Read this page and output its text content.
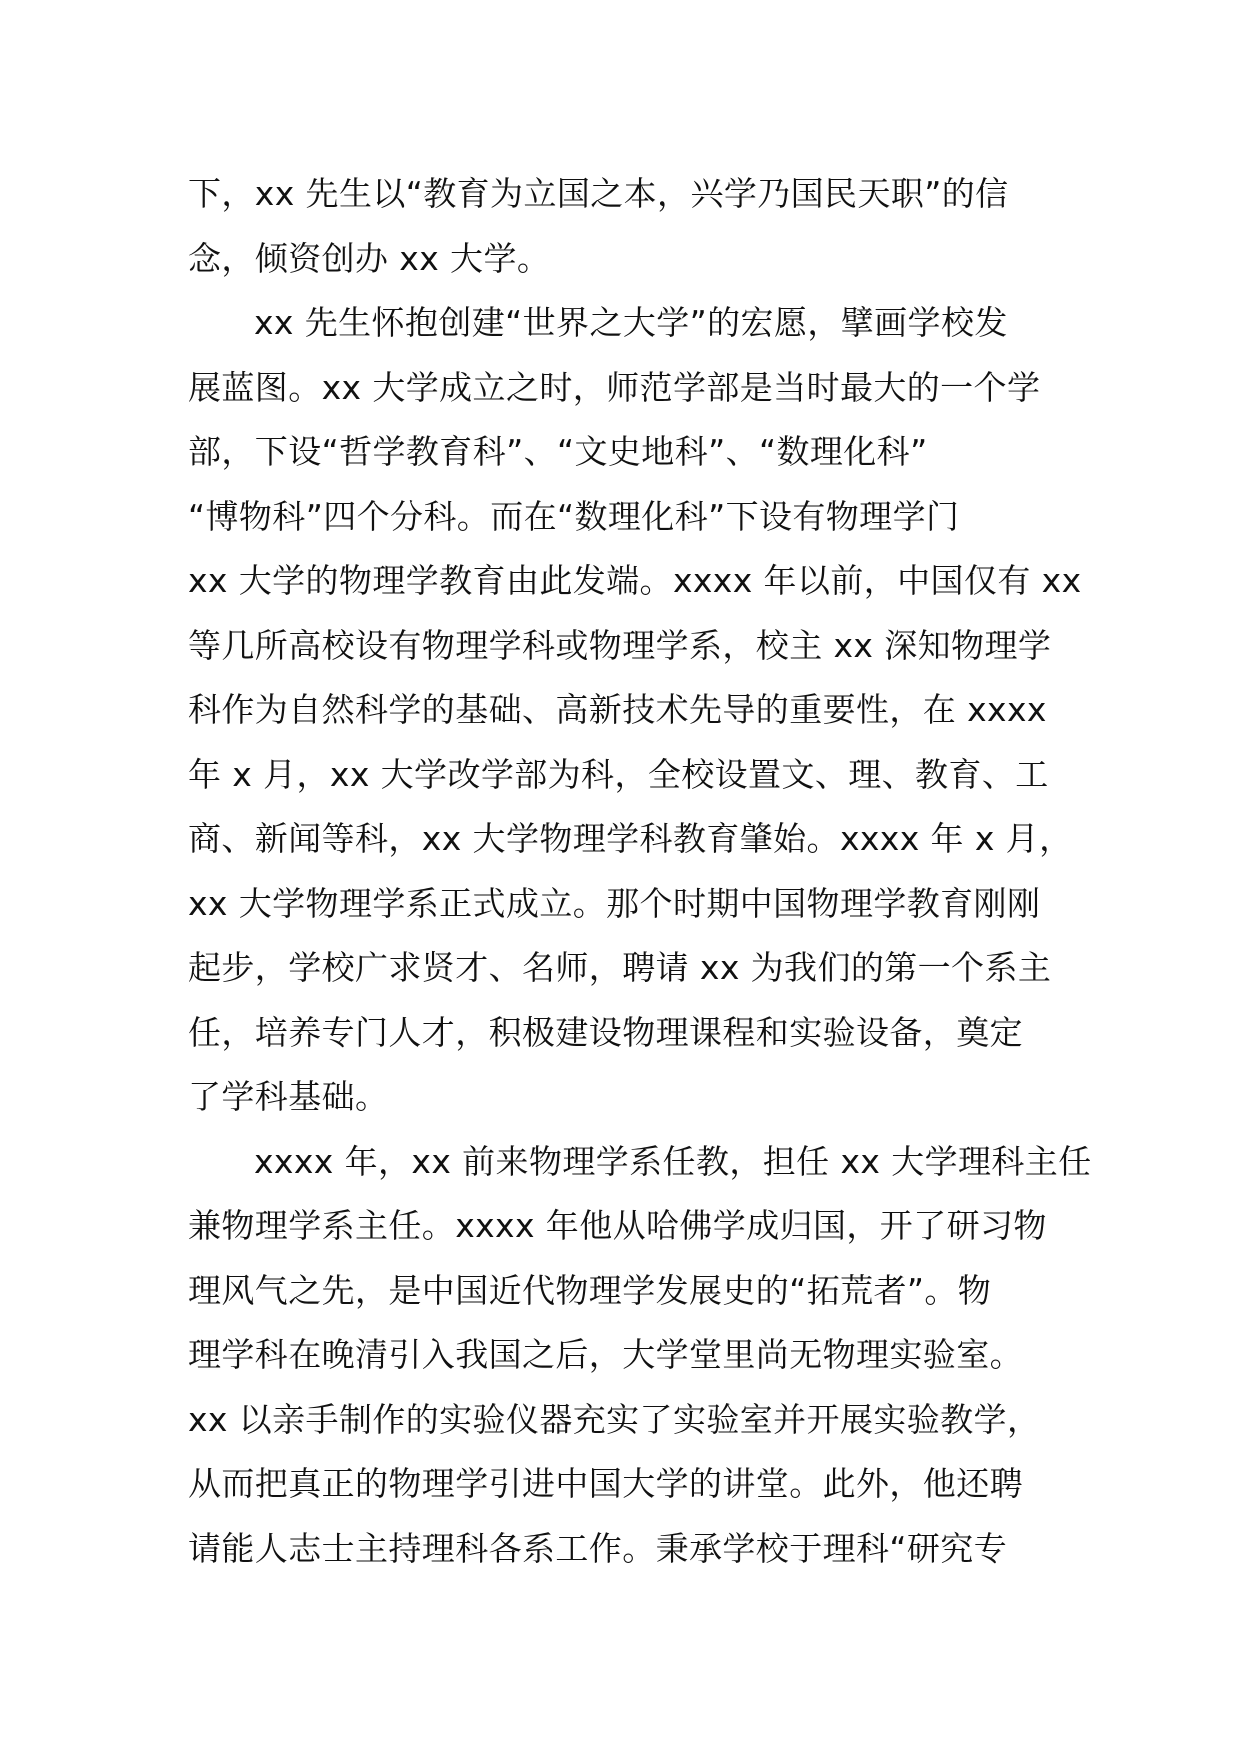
下，xx 先生以“教育为立国之本，兴学乃国民天职”的信
念，倾资创办 xx 大学。
xx 先生怀抱创建“世界之大学”的宏愿，擘画学校发
展蓝图。xx 大学成立之时，师范学部是当时最大的一个学
部，下设“哲学教育科”、“文史地科”、“数理化科”
“博物科”四个分科。而在“数理化科”下设有物理学门
xx 大学的物理学教育由此发端。xxxx 年以前，中国仅有 xx
等几所高校设有物理学科或物理学系，校主 xx 深知物理学
科作为自然科学的基础、高新技术先导的重要性，在 xxxx
年 x 月，xx 大学改学部为科，全校设置文、理、教育、工
商、新闻等科，xx 大学物理学科教育肇始。xxxx 年 x 月，
xx 大学物理学系正式成立。那个时期中国物理学教育刚刚
起步，学校广求贤才、名师，聘请 xx 为我们的第一个系主
任，培养专门人才，积极建设物理课程和实验设备，奠定
了学科基础。
xxxx 年，xx 前来物理学系任教，担任 xx 大学理科主任
兼物理学系主任。xxxx 年他从哈佛学成归国，开了研习物
理风气之先，是中国近代物理学发展史的“拓荒者”。物
理学科在晚清引入我国之后，大学堂里尚无物理实验室。
xx 以亲手制作的实验仪器充实了实验室并开展实验教学，
从而把真正的物理学引进中国大学的讲堂。此外，他还聘
请能人志士主持理科各系工作。秉承学校于理科“研究专
